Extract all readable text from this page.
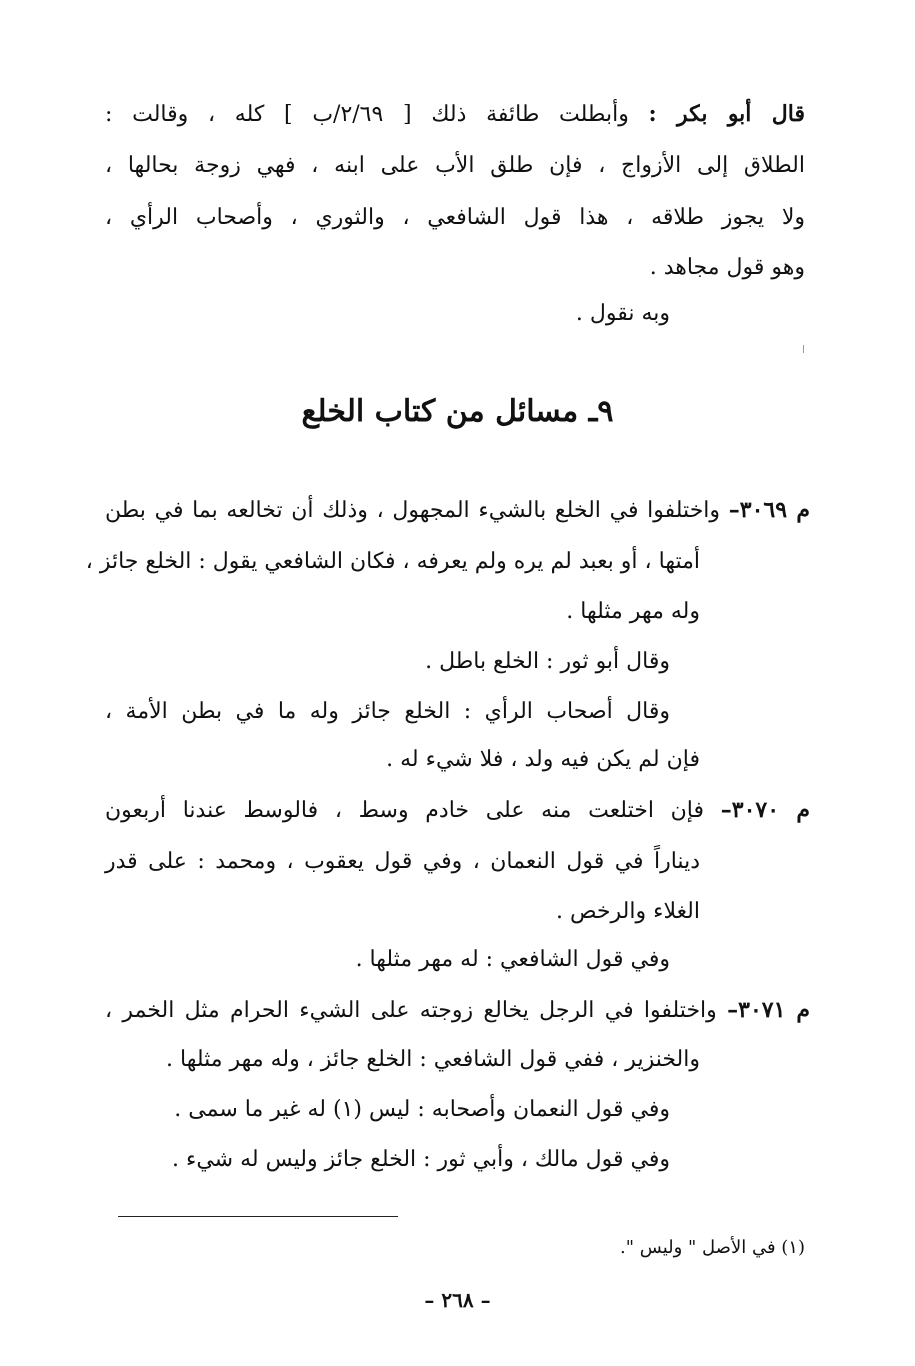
قال أبو بكر : وأبطلت طائفة ذلك [ ٢/٦٩/ب ] كله ، وقالت :
الطلاق إلى الأزواج ، فإن طلق الأب على ابنه ، فهي زوجة بحالها ،
ولا يجوز طلاقه ، هذا قول الشافعي ، والثوري ، وأصحاب الرأي ،
وهو قول مجاهد .
وبه نقول .
٩ـ مسائل من كتاب الخلع
م ٣٠٦٩– واختلفوا في الخلع بالشيء المجهول ، وذلك أن تخالعه بما في بطن
أمتها ، أو بعبد لم يره ولم يعرفه ، فكان الشافعي يقول : الخلع جائز ،
وله مهر مثلها .
وقال أبو ثور : الخلع باطل .
وقال أصحاب الرأي : الخلع جائز وله ما في بطن الأمة ،
فإن لم يكن فيه ولد ، فلا شيء له .
م ٣٠٧٠– فإن اختلعت منه على خادم وسط ، فالوسط عندنا أربعون
ديناراً في قول النعمان ، وفي قول يعقوب ، ومحمد : على قدر
الغلاء والرخص .
وفي قول الشافعي : له مهر مثلها .
م ٣٠٧١– واختلفوا في الرجل يخالع زوجته على الشيء الحرام مثل الخمر ،
والخنزير ، ففي قول الشافعي : الخلع جائز ، وله مهر مثلها .
وفي قول النعمان وأصحابه : ليس (١) له غير ما سمى .
وفي قول مالك ، وأبي ثور : الخلع جائز وليس له شيء .
(١) في الأصل " وليس ".
– ٢٦٨ –
